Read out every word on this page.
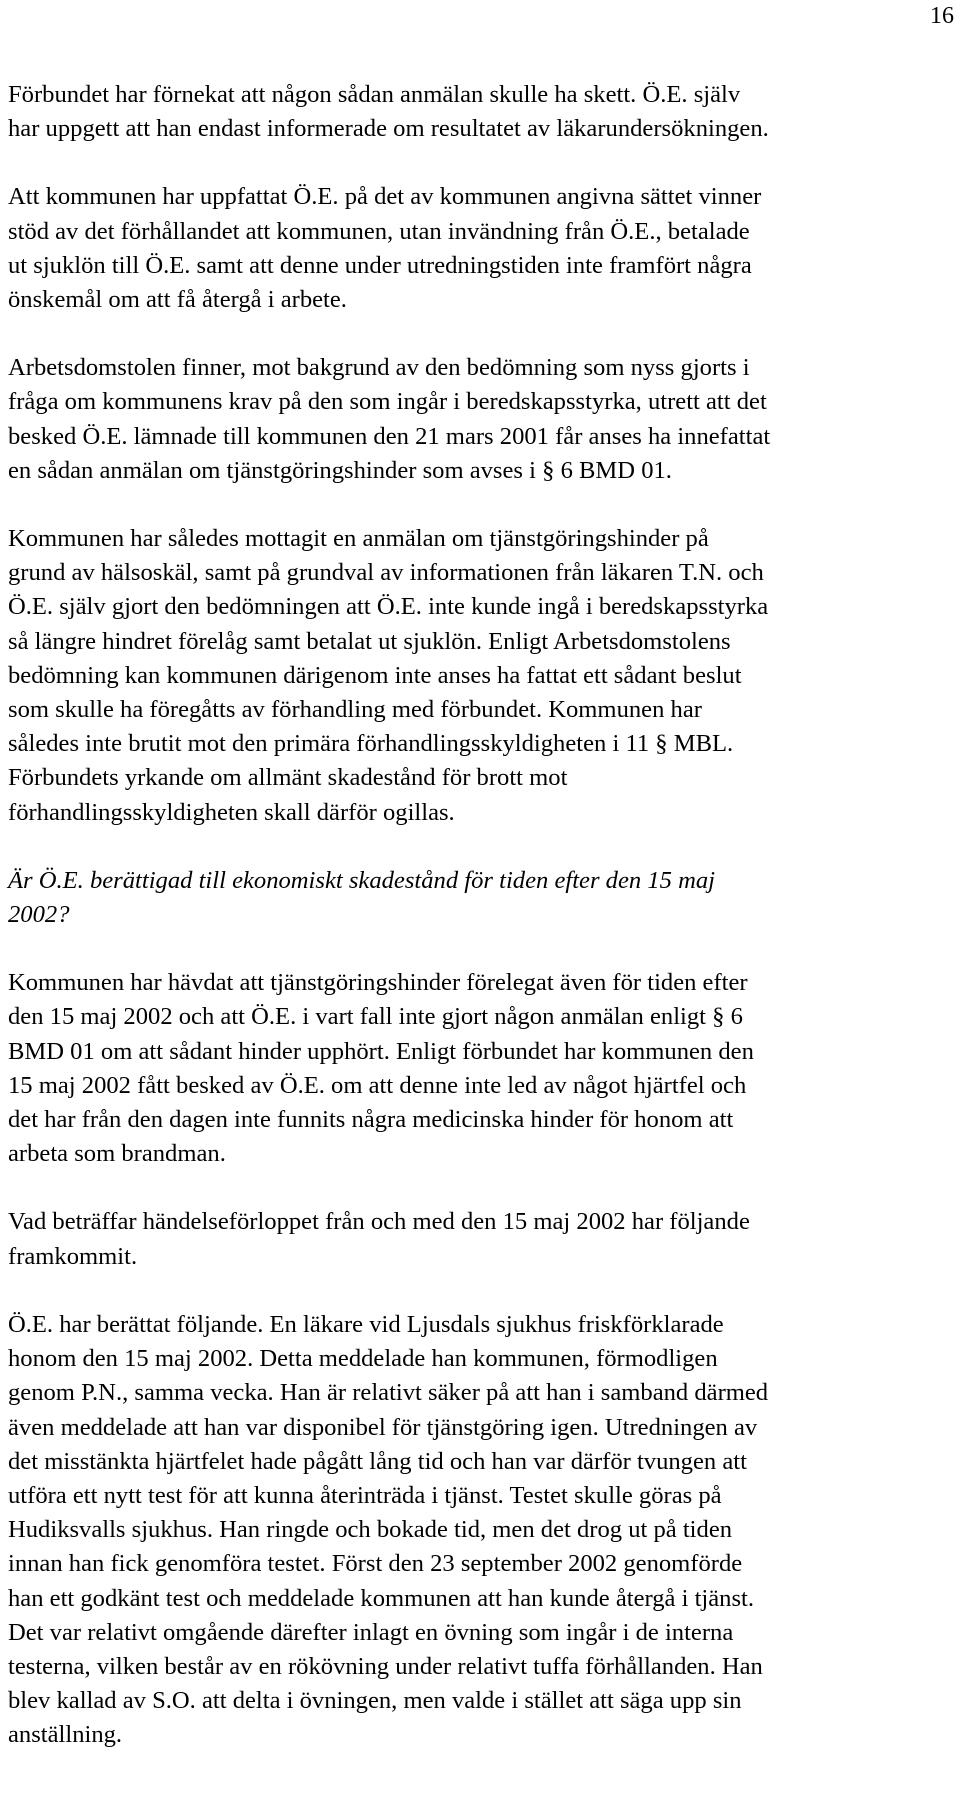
16

Förbundet har förnekat att någon sådan anmälan skulle ha skett. Ö.E. själv
har uppgett att han endast informerade om resultatet av läkarundersökningen.

Att kommunen har uppfattat Ö.E. på det av kommunen angivna sättet vinner
stöd av det förhållandet att kommunen, utan invändning från Ö.E., betalade
ut sjuklön till Ö.E. samt att denne under utredningstiden inte framfört några
önskemål om att få återgå i arbete.

Arbetsdomstolen finner, mot bakgrund av den bedömning som nyss gjorts i
fråga om kommunens krav på den som ingår i beredskapsstyrka, utrett att det
besked Ö.E. lämnade till kommunen den 21 mars 2001 får anses ha innefattat
en sådan anmälan om tjänstgöringshinder som avses i § 6 BMD 01.

Kommunen har således mottagit en anmälan om tjänstgöringshinder på
grund av hälsoskäl, samt på grundval av informationen från läkaren T.N. och
Ö.E. själv gjort den bedömningen att Ö.E. inte kunde ingå i beredskapsstyrka
så längre hindret förelåg samt betalat ut sjuklön. Enligt Arbetsdomstolens
bedömning kan kommunen därigenom inte anses ha fattat ett sådant beslut
som skulle ha föregåtts av förhandling med förbundet. Kommunen har
således inte brutit mot den primära förhandlingsskyldigheten i 11 § MBL.
Förbundets yrkande om allmänt skadestånd för brott mot
förhandlingsskyldigheten skall därför ogillas.

Är Ö.E. berättigad till ekonomiskt skadestånd för tiden efter den 15 maj
2002?

Kommunen har hävdat att tjänstgöringshinder förelegat även för tiden efter
den 15 maj 2002 och att Ö.E. i vart fall inte gjort någon anmälan enligt § 6
BMD 01 om att sådant hinder upphört. Enligt förbundet har kommunen den
15 maj 2002 fått besked av Ö.E. om att denne inte led av något hjärtfel och
det har från den dagen inte funnits några medicinska hinder för honom att
arbeta som brandman.

Vad beträffar händelseförloppet från och med den 15 maj 2002 har följande
framkommit.

Ö.E. har berättat följande. En läkare vid Ljusdals sjukhus friskförklarade
honom den 15 maj 2002. Detta meddelade han kommunen, förmodligen
genom P.N., samma vecka. Han är relativt säker på att han i samband därmed
även meddelade att han var disponibel för tjänstgöring igen. Utredningen av
det misstänkta hjärtfelet hade pågått lång tid och han var därför tvungen att
utföra ett nytt test för att kunna återinträda i tjänst. Testet skulle göras på
Hudiksvalls sjukhus. Han ringde och bokade tid, men det drog ut på tiden
innan han fick genomföra testet. Först den 23 september 2002 genomförde
han ett godkänt test och meddelade kommunen att han kunde återgå i tjänst.
Det var relativt omgående därefter inlagt en övning som ingår i de interna
testerna, vilken består av en rökövning under relativt tuffa förhållanden. Han
blev kallad av S.O. att delta i övningen, men valde i stället att säga upp sin
anställning.
